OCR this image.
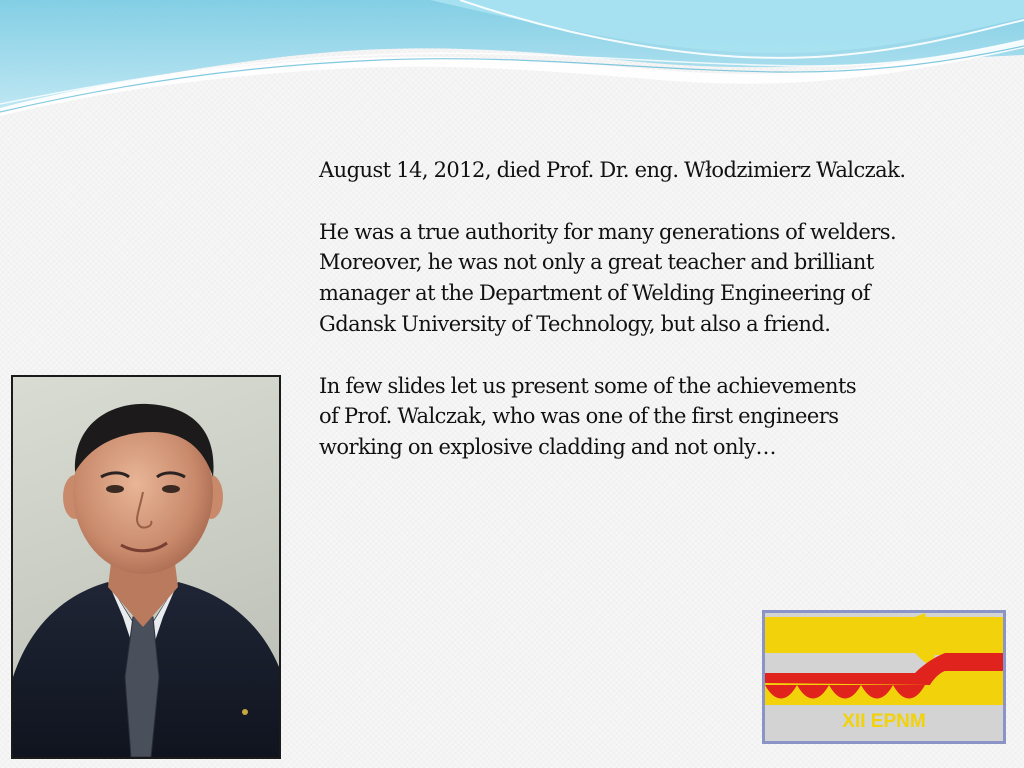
August 14, 2012, died Prof. Dr. eng. Włodzimierz Walczak.

He was a true authority for many generations of welders.
Moreover, he was not only a great teacher and brilliant
manager at the Department of Welding Engineering of
Gdansk University of Technology, but also a friend.

In few slides let us present some of the achievements
of Prof. Walczak, who was one of the first engineers
working on explosive cladding and not only…

Cracow - 2014
XII EPNM
